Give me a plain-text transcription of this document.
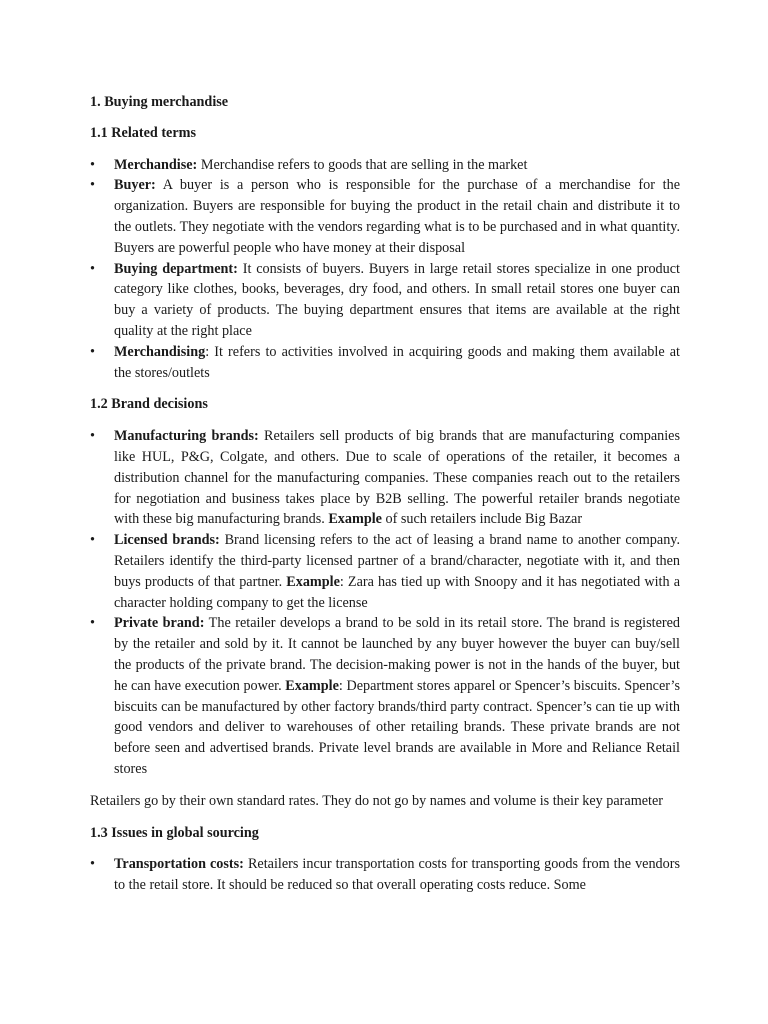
1. Buying merchandise
1.1 Related terms
•	Merchandise: Merchandise refers to goods that are selling in the market
•	Buyer: A buyer is a person who is responsible for the purchase of a merchandise for the organization. Buyers are responsible for buying the product in the retail chain and distribute it to the outlets. They negotiate with the vendors regarding what is to be purchased and in what quantity. Buyers are powerful people who have money at their disposal
•	Buying department: It consists of buyers. Buyers in large retail stores specialize in one product category like clothes, books, beverages, dry food, and others. In small retail stores one buyer can buy a variety of products. The buying department ensures that items are available at the right quality at the right place
•	Merchandising: It refers to activities involved in acquiring goods and making them available at the stores/outlets
1.2 Brand decisions
•	Manufacturing brands: Retailers sell products of big brands that are manufacturing companies like HUL, P&G, Colgate, and others. Due to scale of operations of the retailer, it becomes a distribution channel for the manufacturing companies. These companies reach out to the retailers for negotiation and business takes place by B2B selling. The powerful retailer brands negotiate with these big manufacturing brands. Example of such retailers include Big Bazar
•	Licensed brands: Brand licensing refers to the act of leasing a brand name to another company. Retailers identify the third-party licensed partner of a brand/character, negotiate with it, and then buys products of that partner. Example: Zara has tied up with Snoopy and it has negotiated with a character holding company to get the license
•	Private brand: The retailer develops a brand to be sold in its retail store. The brand is registered by the retailer and sold by it. It cannot be launched by any buyer however the buyer can buy/sell the products of the private brand. The decision-making power is not in the hands of the buyer, but he can have execution power. Example: Department stores apparel or Spencer’s biscuits. Spencer’s biscuits can be manufactured by other factory brands/third party contract. Spencer’s can tie up with good vendors and deliver to warehouses of other retailing brands. These private brands are not before seen and advertised brands. Private level brands are available in More and Reliance Retail stores

Retailers go by their own standard rates. They do not go by names and volume is their key parameter

1.3 Issues in global sourcing
•	Transportation costs: Retailers incur transportation costs for transporting goods from the vendors to the retail store. It should be reduced so that overall operating costs reduce. Some
